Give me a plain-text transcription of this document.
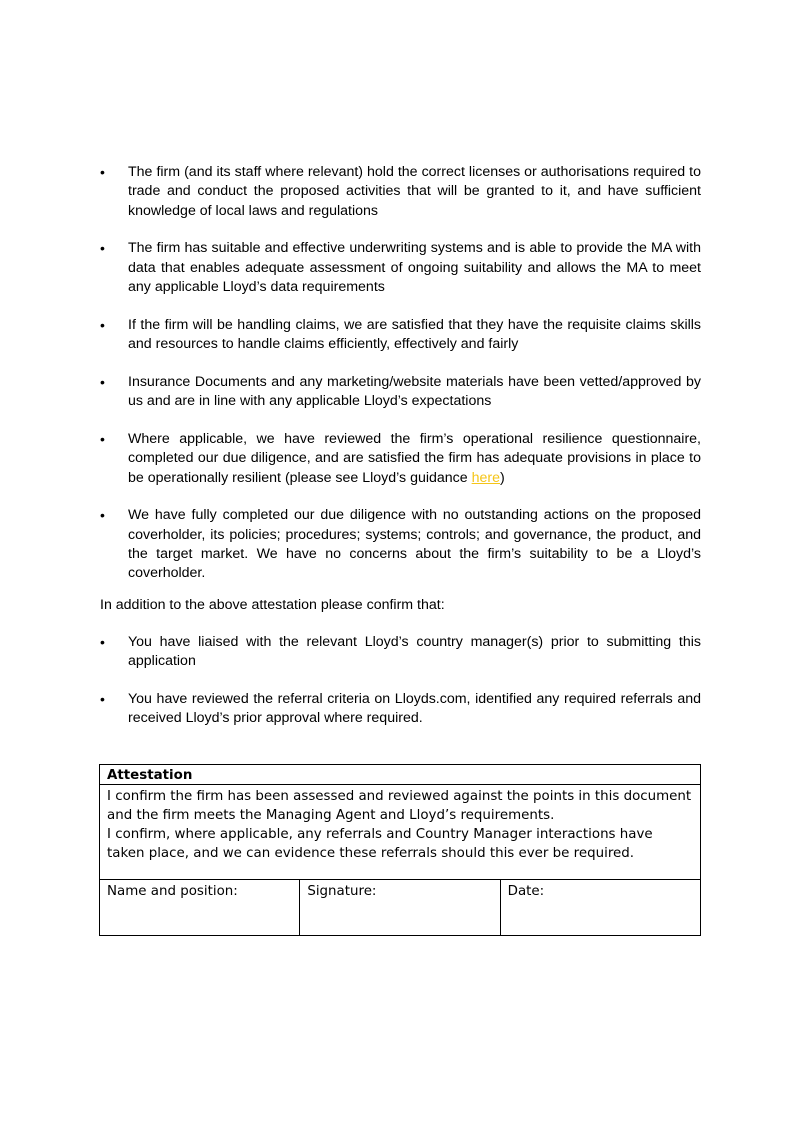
• The firm (and its staff where relevant) hold the correct licenses or authorisations required to trade and conduct the proposed activities that will be granted to it, and have sufficient knowledge of local laws and regulations
• The firm has suitable and effective underwriting systems and is able to provide the MA with data that enables adequate assessment of ongoing suitability and allows the MA to meet any applicable Lloyd’s data requirements
• If the firm will be handling claims, we are satisfied that they have the requisite claims skills and resources to handle claims efficiently, effectively and fairly
• Insurance Documents and any marketing/website materials have been vetted/approved by us and are in line with any applicable Lloyd’s expectations
• Where applicable, we have reviewed the firm’s operational resilience questionnaire, completed our due diligence, and are satisfied the firm has adequate provisions in place to be operationally resilient (please see Lloyd’s guidance here)
• We have fully completed our due diligence with no outstanding actions on the proposed coverholder, its policies; procedures; systems; controls; and governance, the product, and the target market. We have no concerns about the firm’s suitability to be a Lloyd’s coverholder.
In addition to the above attestation please confirm that:
• You have liaised with the relevant Lloyd’s country manager(s) prior to submitting this application
• You have reviewed the referral criteria on Lloyds.com, identified any required referrals and received Lloyd’s prior approval where required.
Attestation
I confirm the firm has been assessed and reviewed against the points in this document and the firm meets the Managing Agent and Lloyd’s requirements.
I confirm, where applicable, any referrals and Country Manager interactions have taken place, and we can evidence these referrals should this ever be required.
Name and position:	Signature:	Date:
